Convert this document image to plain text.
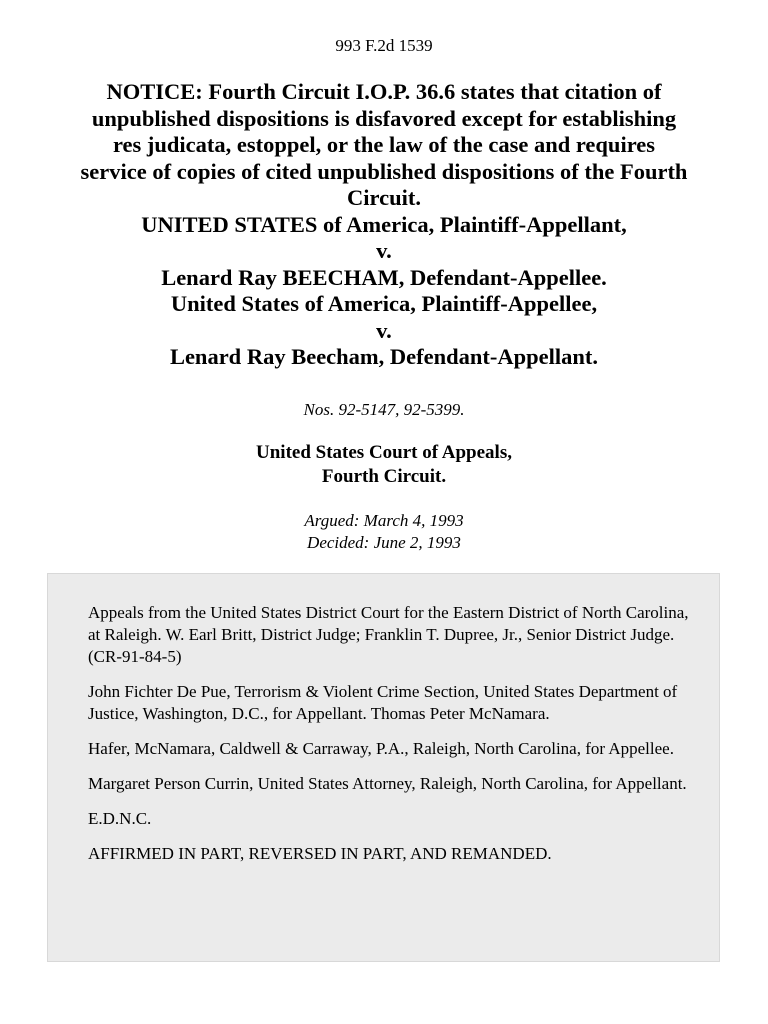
993 F.2d 1539
NOTICE: Fourth Circuit I.O.P. 36.6 states that citation of
unpublished dispositions is disfavored except for establishing
res judicata, estoppel, or the law of the case and requires
service of copies of cited unpublished dispositions of the Fourth
Circuit.
UNITED STATES of America, Plaintiff-Appellant,
v.
Lenard Ray BEECHAM, Defendant-Appellee.
United States of America, Plaintiff-Appellee,
v.
Lenard Ray Beecham, Defendant-Appellant.
Nos. 92-5147, 92-5399.
United States Court of Appeals,
Fourth Circuit.
Argued: March 4, 1993
Decided: June 2, 1993

Appeals from the United States District Court for the Eastern District of North Carolina, at Raleigh. W. Earl Britt, District Judge; Franklin T. Dupree, Jr., Senior District Judge. (CR-91-84-5)

John Fichter De Pue, Terrorism & Violent Crime Section, United States Department of Justice, Washington, D.C., for Appellant. Thomas Peter McNamara.

Hafer, McNamara, Caldwell & Carraway, P.A., Raleigh, North Carolina, for Appellee.

Margaret Person Currin, United States Attorney, Raleigh, North Carolina, for Appellant.

E.D.N.C.

AFFIRMED IN PART, REVERSED IN PART, AND REMANDED.
